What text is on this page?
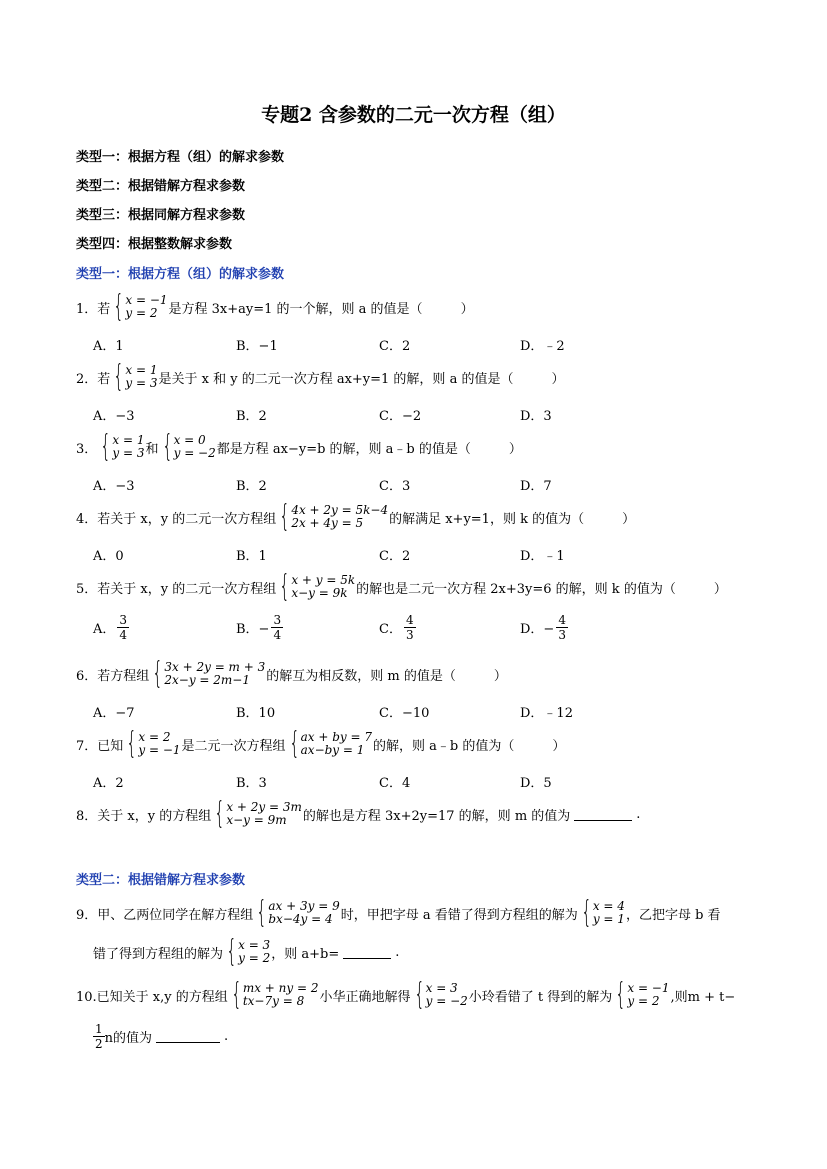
专题2 含参数的二元一次方程（组）
类型一：根据方程（组）的解求参数
类型二：根据错解方程求参数
类型三：根据同解方程求参数
类型四：根据整数解求参数
类型一：根据方程（组）的解求参数
1．若 { x = −1
y = 2 是方程 3x+ay=1 的一个解，则 a 的值是（	）
A．1	B．−1	C．2	D．﹣2
2．若 { x = 1
y = 3 是关于 x 和 y 的二元一次方程 ax+y=1 的解，则 a 的值是（	）
A．−3	B．2	C．−2	D．3
3． { x = 1
y = 3 和 { x = 0
y = −2 都是方程 ax−y=b 的解，则 a﹣b 的值是（	）
A．−3	B．2	C．3	D．7
4．若关于 x，y 的二元一次方程组 { 4x + 2y = 5k−4
2x + 4y = 5	的解满足 x+y=1，则 k 的值为（	）
A．0	B．1	C．2	D．﹣1
5．若关于 x，y 的二元一次方程组 { x + y = 5k
x−y = 9k 的解也是二元一次方程 2x+3y=6 的解，则 k 的值为（	）
A． $\frac{3}{4}$	B．− $\frac{3}{4}$	C． $\frac{4}{3}$	D．− $\frac{4}{3}$
6．若方程组 { 3x + 2y = m + 3
2x−y = 2m−1	的解互为相反数，则 m 的值是（	）
A．−7	B．10	C．−10	D．﹣12
7．已知 { x = 2
y = −1 是二元一次方程组 { ax + by = 7
ax−by = 1 的解，则 a﹣b 的值为（	）
A．2	B．3	C．4	D．5
8．关于 x，y 的方程组 { x + 2y = 3m
x−y = 9m	的解也是方程 3x+2y=17 的解，则 m 的值为	.
类型二：根据错解方程求参数
9．甲、乙两位同学在解方程组 { ax + 3y = 9
bx−4y = 4 时，甲把字母 a 看错了得到方程组的解为 { x = 4
y = 1 ，乙把字母 b 看
错了得到方程组的解为 { x = 3
y = 2 ，则 a+b=	.
10.已知关于 x,y 的方程组 { mx + ny = 2
tx−7y = 8	小华正确地解得 { x = 3
y = −2 小玲看错了 t 得到的解为 { x = −1
y = 2 ,则m + t−
$\frac{1}{2}$ n的值为	.
